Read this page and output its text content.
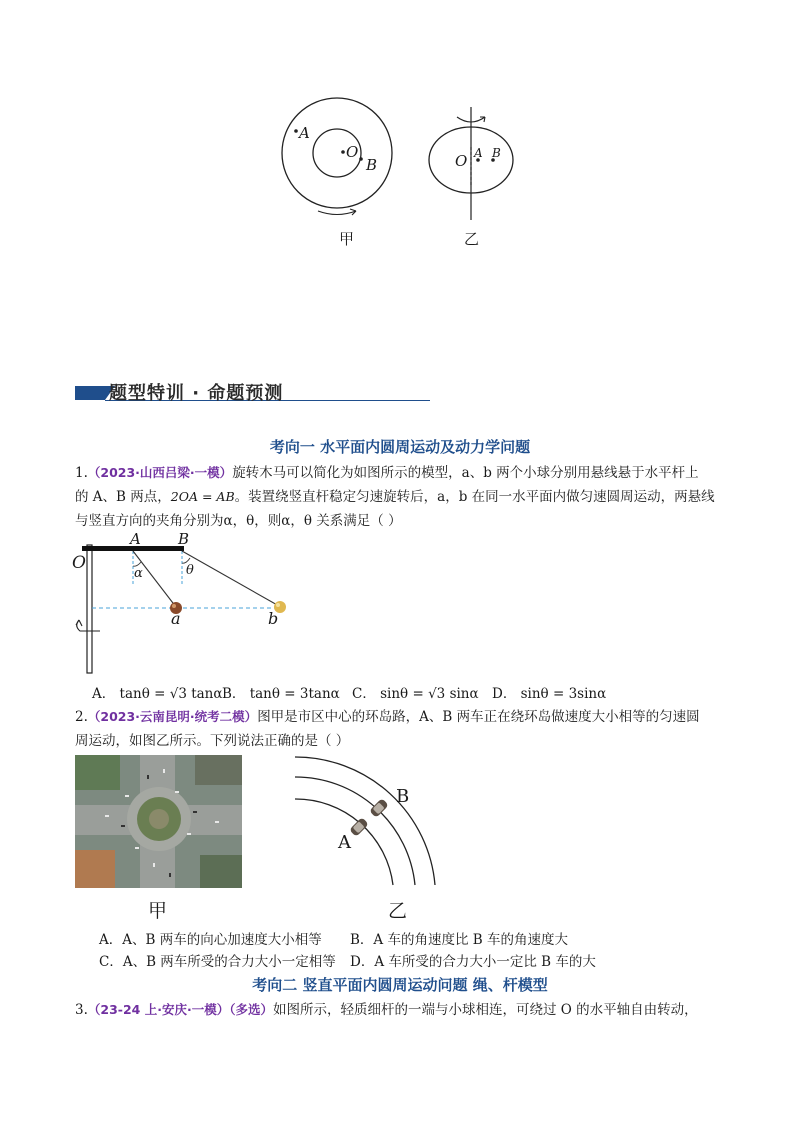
A
O
B
甲
O A B
乙
题型特训 · 命题预测
考向一 水平面内圆周运动及动力学问题
1.（2023·山西吕梁·一模）旋转木马可以简化为如图所示的模型，a、b 两个小球分别用悬线悬于水平杆上
的 A、B 两点，2OA = AB。装置绕竖直杆稳定匀速旋转后，a，b 在同一水平面内做匀速圆周运动，两悬线
与竖直方向的夹角分别为α，θ，则α，θ 关系满足（ ）
O
A B
α	θ
a	b
A． tanθ = √3 tanα B． tanθ = 3tanα C． sinθ = √3 sinα D． sinθ = 3sinα
2.（2023·云南昆明·统考二模）图甲是市区中心的环岛路，A、B 两车正在绕环岛做速度大小相等的匀速圆
周运动，如图乙所示。下列说法正确的是（ ）
甲
B
A
乙
A．A、B 两车的向心加速度大小相等 B．A 车的角速度比 B 车的角速度大
C．A、B 两车所受的合力大小一定相等 D．A 车所受的合力大小一定比 B 车的大
考向二 竖直平面内圆周运动问题 绳、杆模型
3.（23-24 上·安庆·一模）（多选）如图所示，轻质细杆的一端与小球相连，可绕过 O 的水平轴自由转动，
